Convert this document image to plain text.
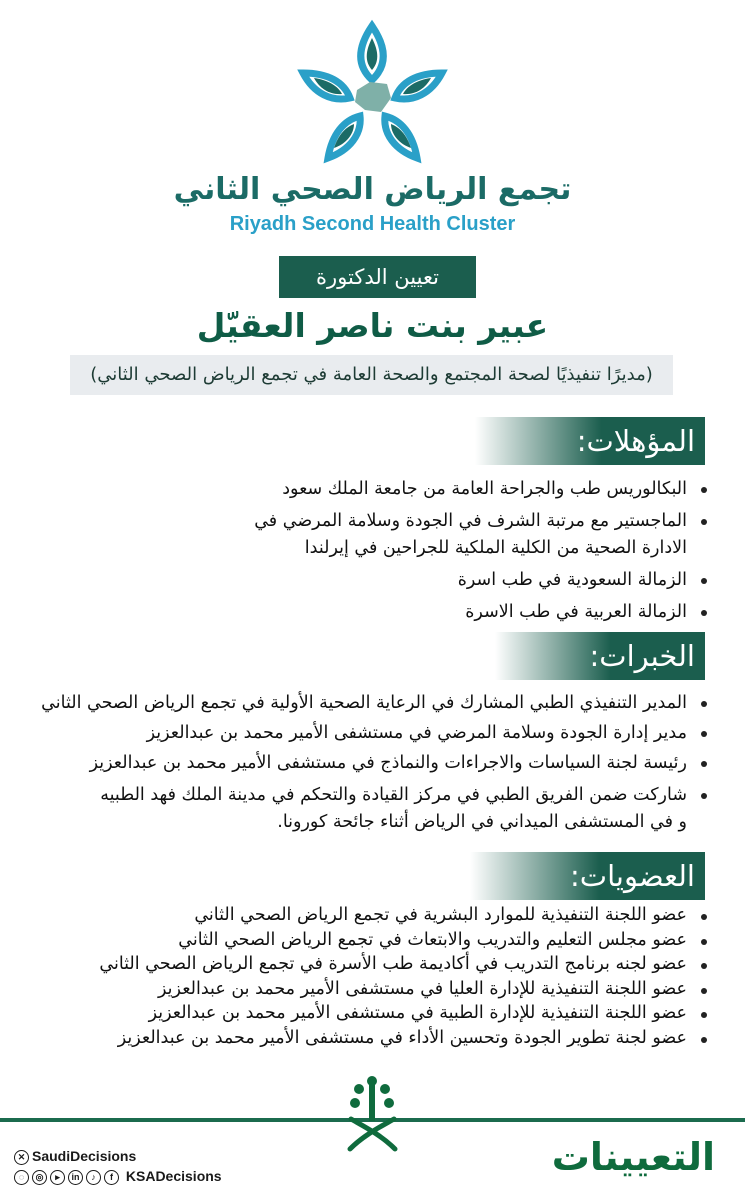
تجمع الرياض الصحي الثاني
Riyadh Second Health Cluster
تعيين الدكتورة
عبير بنت ناصر العقيّل
(مديرًا تنفيذيًا لصحة المجتمع والصحة العامة في تجمع الرياض الصحي الثاني)
المؤهلات:
البكالوريس طب والجراحة العامة من جامعة الملك سعود
الماجستير مع مرتبة الشرف في الجودة وسلامة المرضي في الادارة الصحية من الكلية الملكية للجراحين في إيرلندا
الزمالة السعودية في طب اسرة
الزمالة العربية في طب الاسرة
الخبرات:
المدير التنفيذي الطبي المشارك في الرعاية الصحية الأولية في تجمع الرياض الصحي الثاني
مدير إدارة الجودة وسلامة المرضي في مستشفى الأمير محمد بن عبدالعزيز
رئيسة لجنة السياسات والاجراءات والنماذج في مستشفى الأمير محمد بن عبدالعزيز
شاركت ضمن الفريق الطبي في مركز القيادة والتحكم في مدينة الملك فهد الطبيه و في المستشفى الميداني في الرياض أثناء جائحة كورونا.
العضويات:
عضو اللجنة التنفيذية للموارد البشرية في تجمع الرياض الصحي الثاني
عضو مجلس التعليم والتدريب والابتعاث في تجمع الرياض الصحي الثاني
عضو لجنه برنامج التدريب في أكاديمة طب الأسرة في تجمع الرياض الصحي الثاني
عضو اللجنة التنفيذية للإدارة العليا في مستشفى الأمير محمد بن عبدالعزيز
عضو اللجنة التنفيذية للإدارة الطبية في مستشفى الأمير محمد بن عبدالعزيز
عضو لجنة تطوير الجودة وتحسين الأداء في مستشفى الأمير محمد بن عبدالعزيز
✕ SaudiDecisions
◌ ◎ ▸ in ♪ f KSADecisions	التعيينات
